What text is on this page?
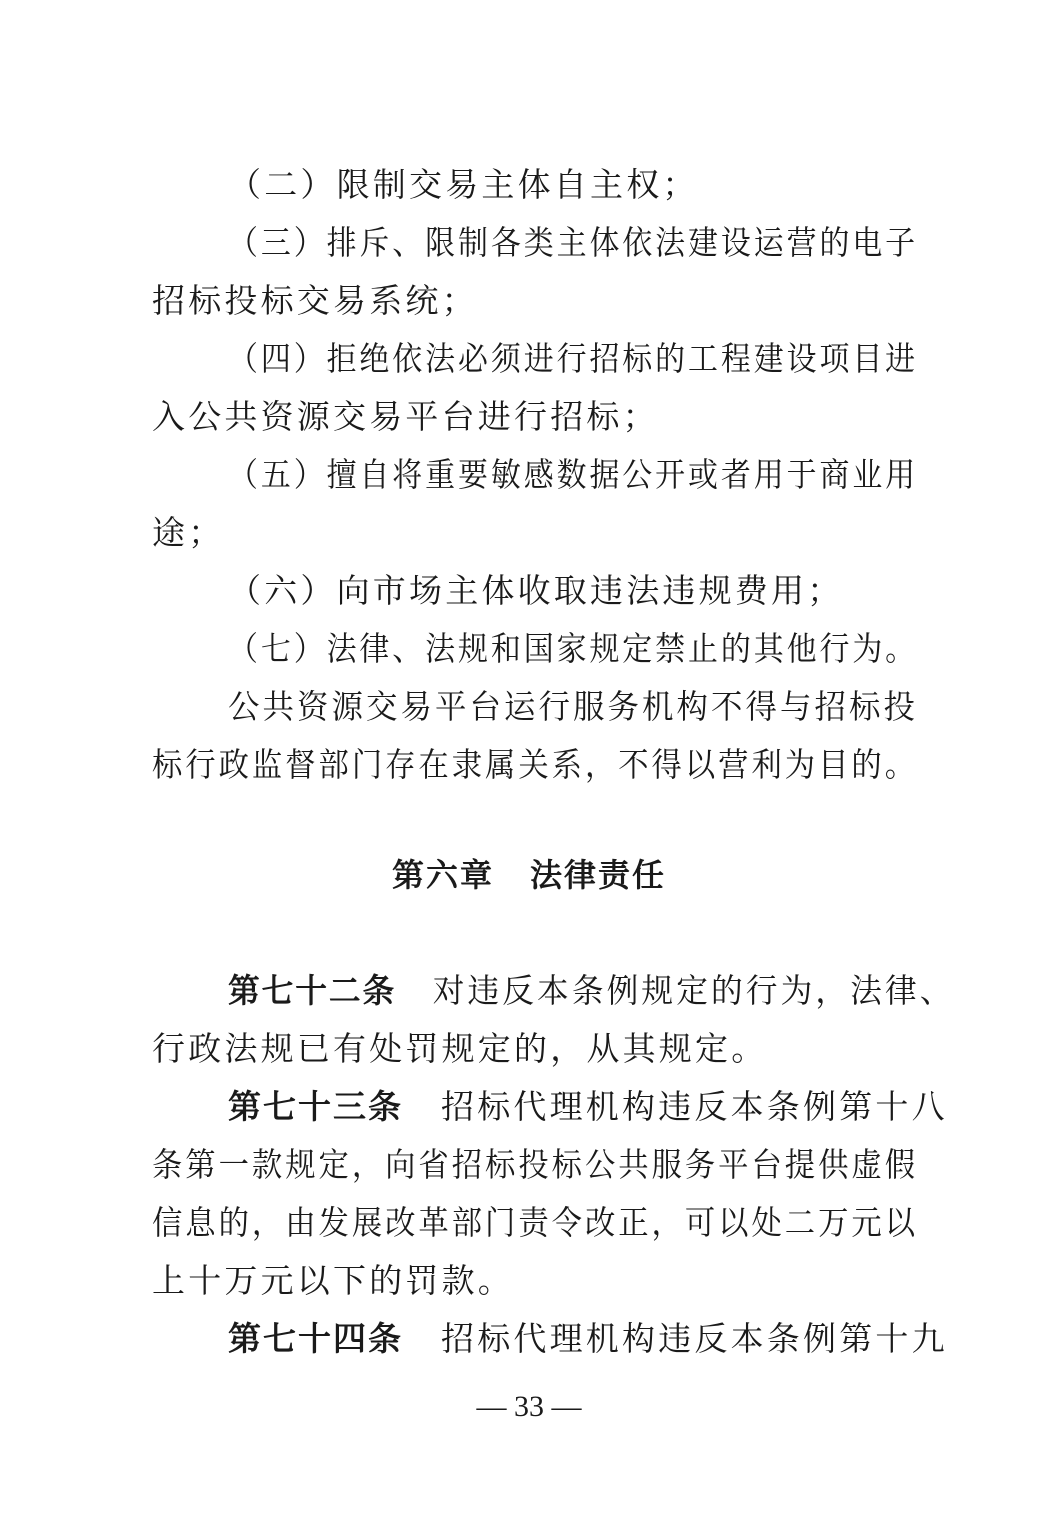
（二）限制交易主体自主权；
（三）排斥、限制各类主体依法建设运营的电子
招标投标交易系统；
（四）拒绝依法必须进行招标的工程建设项目进
入公共资源交易平台进行招标；
（五）擅自将重要敏感数据公开或者用于商业用
途；
（六）向市场主体收取违法违规费用；
（七）法律、法规和国家规定禁止的其他行为。
公共资源交易平台运行服务机构不得与招标投
标行政监督部门存在隶属关系，不得以营利为目的。
第六章 法律责任
第七十二条 对违反本条例规定的行为，法律、
行政法规已有处罚规定的，从其规定。
第七十三条 招标代理机构违反本条例第十八
条第一款规定，向省招标投标公共服务平台提供虚假
信息的，由发展改革部门责令改正，可以处二万元以
上十万元以下的罚款。
第七十四条 招标代理机构违反本条例第十九
— 33 —
